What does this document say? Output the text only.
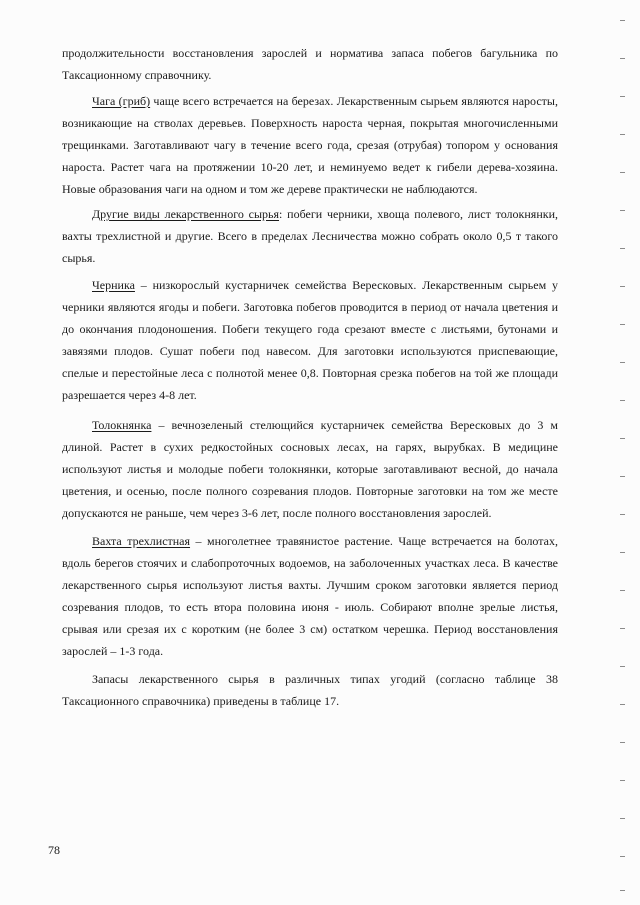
продолжительности восстановления зарослей и норматива запаса побегов багульника по Таксационному справочнику.

Чага (гриб) чаще всего встречается на березах. Лекарственным сырьем являются наросты, возникающие на стволах деревьев. Поверхность нароста черная, покрытая многочисленными трещинками. Заготавливают чагу в течение всего года, срезая (отрубая) топором у основания нароста. Растет чага на протяжении 10-20 лет, и неминуемо ведет к гибели дерева-хозяина. Новые образования чаги на одном и том же дереве практически не наблюдаются.

Другие виды лекарственного сырья: побеги черники, хвоща полевого, лист толокнянки, вахты трехлистной и другие. Всего в пределах Лесничества можно собрать около 0,5 т такого сырья.

Черника – низкорослый кустарничек семейства Вересковых. Лекарственным сырьем у черники являются ягоды и побеги. Заготовка побегов проводится в период от начала цветения и до окончания плодоношения. Побеги текущего года срезают вместе с листьями, бутонами и завязями плодов. Сушат побеги под навесом. Для заготовки используются приспевающие, спелые и перестойные леса с полнотой менее 0,8. Повторная срезка побегов на той же площади разрешается через 4-8 лет.

Толокнянка – вечнозеленый стелющийся кустарничек семейства Вересковых до 3 м длиной. Растет в сухих редкостойных сосновых лесах, на гарях, вырубках. В медицине используют листья и молодые побеги толокнянки, которые заготавливают весной, до начала цветения, и осенью, после полного созревания плодов. Повторные заготовки на том же месте допускаются не раньше, чем через 3-6 лет, после полного восстановления зарослей.

Вахта трехлистная – многолетнее травянистое растение. Чаще встречается на болотах, вдоль берегов стоячих и слабопроточных водоемов, на заболоченных участках леса. В качестве лекарственного сырья используют листья вахты. Лучшим сроком заготовки является период созревания плодов, то есть втора половина июня - июль. Собирают вполне зрелые листья, срывая или срезая их с коротким (не более 3 см) остатком черешка. Период восстановления зарослей – 1-3 года.

Запасы лекарственного сырья в различных типах угодий (согласно таблице 38 Таксационного справочника) приведены в таблице 17.

78
